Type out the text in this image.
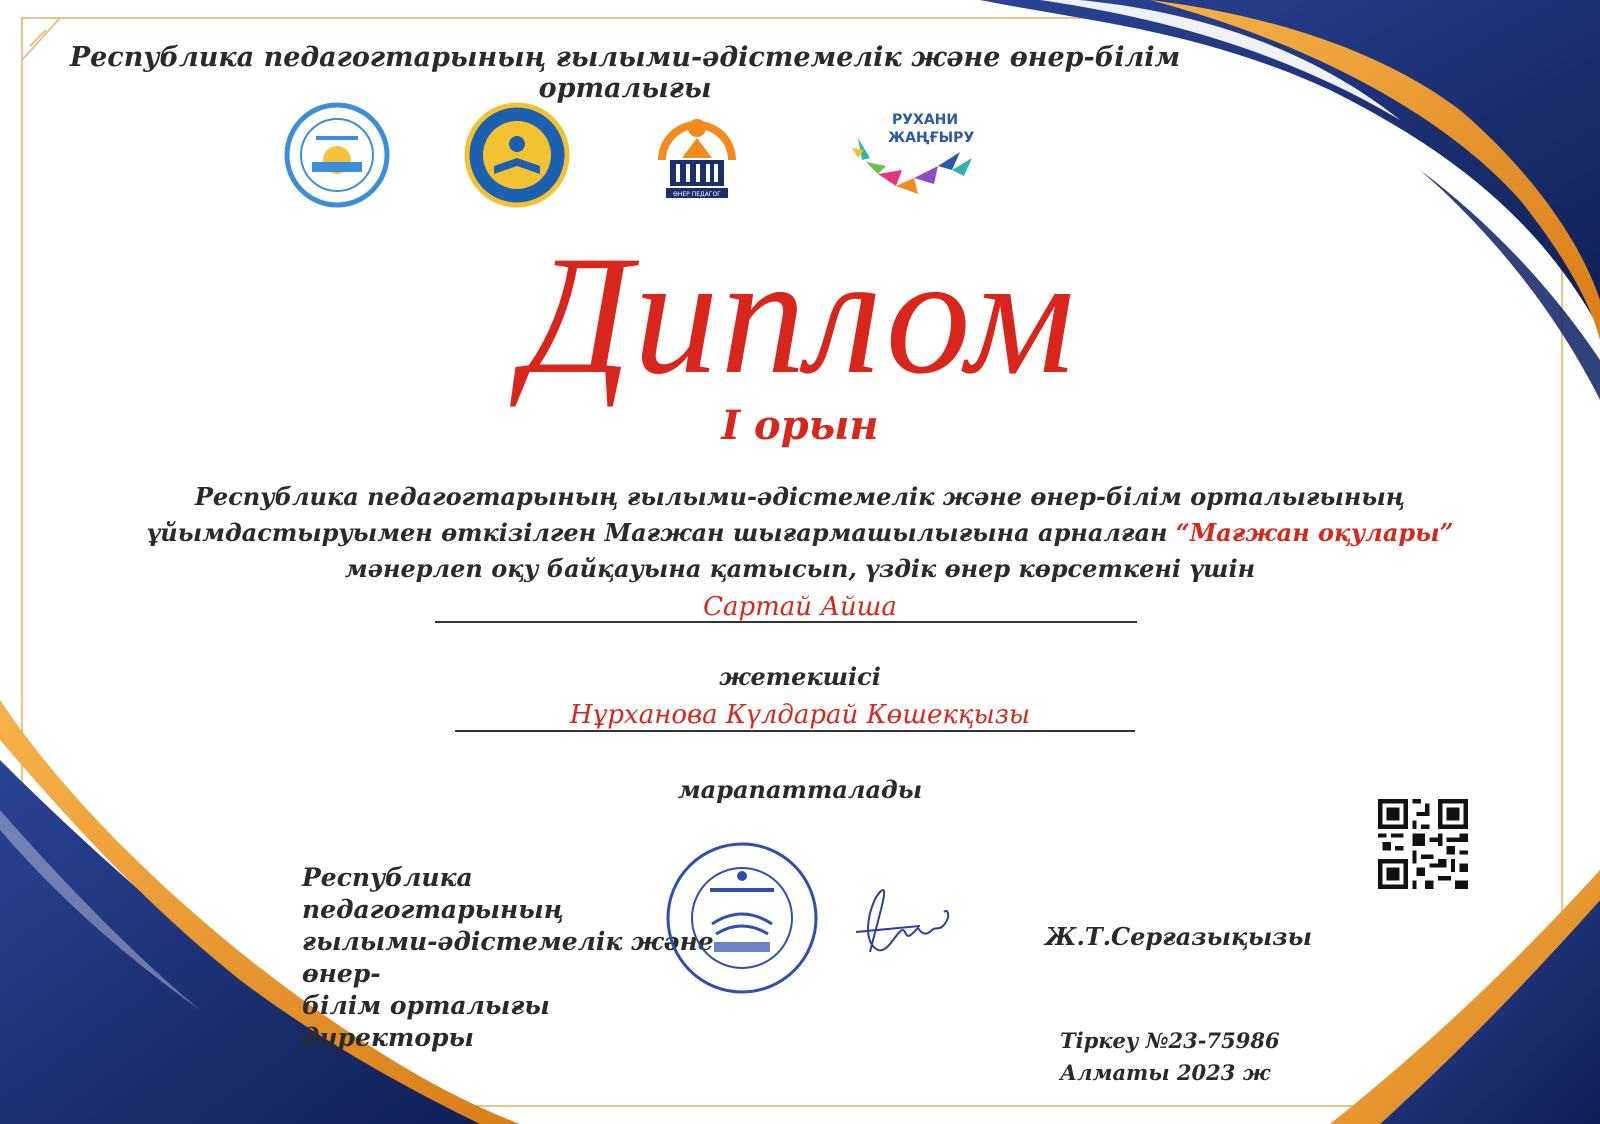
Республика педагогтарының ғылыми-әдістемелік және өнер-білім орталығы
ӨНЕР ПЕДАГОГ
РУХАНИ
ЖАҢҒЫРУ
Диплом
I орын
Республика педагогтарының ғылыми-әдістемелік және өнер-білім орталығының
ұйымдастыруымен өткізілген Мағжан шығармашылығына арналған “Мағжан оқулары”
мәнерлеп оқу байқауына қатысып, үздік өнер көрсеткені үшін
Сартай Айша
жетекшісі
Нұрханова Күлдарай Көшекқызы
марапатталады
Республика педагогтарының
ғылыми-әдістемелік және өнер-
білім орталығы директоры
Ж.Т.Серғазықызы
Тіркеу №23-75986
Алматы 2023 ж
